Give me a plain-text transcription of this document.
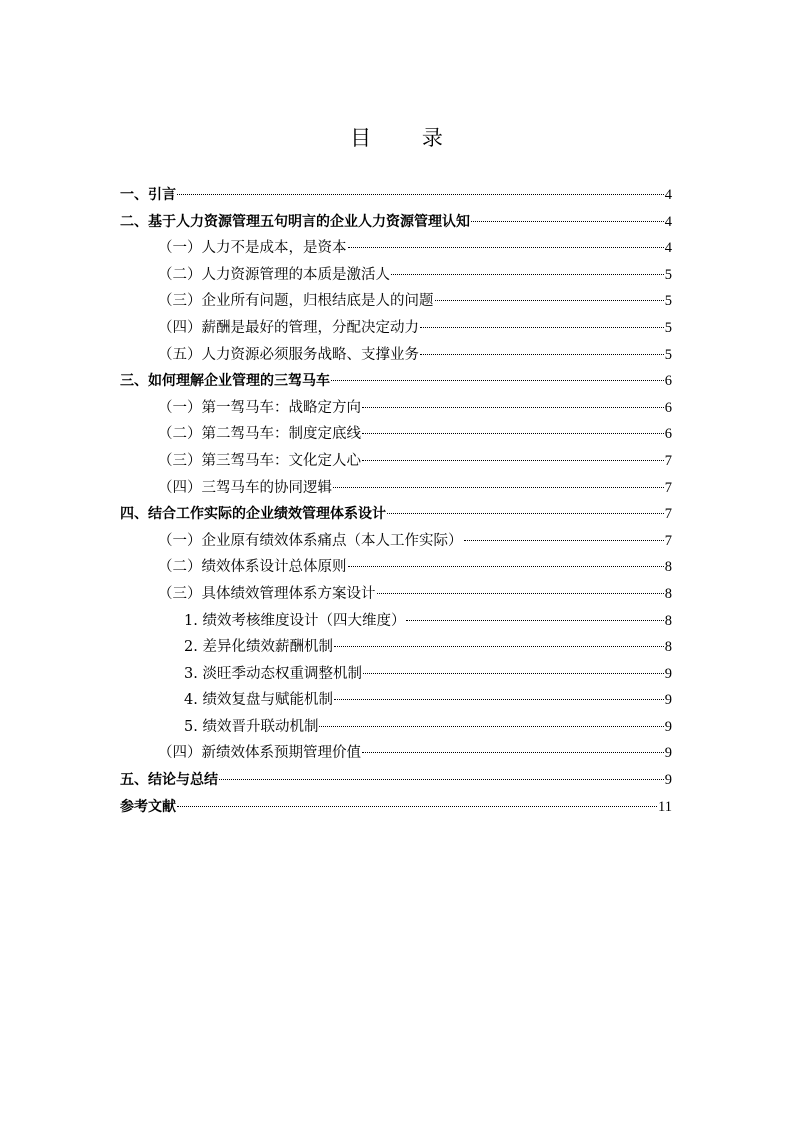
目 录
一、引言	4
二、基于人力资源管理五句明言的企业人力资源管理认知	4
（一）人力不是成本，是资本	4
（二）人力资源管理的本质是激活人	5
（三）企业所有问题，归根结底是人的问题	5
（四）薪酬是最好的管理，分配决定动力	5
（五）人力资源必须服务战略、支撑业务	5
三、如何理解企业管理的三驾马车	6
（一）第一驾马车：战略定方向	6
（二）第二驾马车：制度定底线	6
（三）第三驾马车：文化定人心	7
（四）三驾马车的协同逻辑	7
四、结合工作实际的企业绩效管理体系设计	7
（一）企业原有绩效体系痛点（本人工作实际）	7
（二）绩效体系设计总体原则	8
（三）具体绩效管理体系方案设计	8
1. 绩效考核维度设计（四大维度）	8
2. 差异化绩效薪酬机制	8
3. 淡旺季动态权重调整机制	9
4. 绩效复盘与赋能机制	9
5. 绩效晋升联动机制	9
（四）新绩效体系预期管理价值	9
五、结论与总结	9
参考文献	11
